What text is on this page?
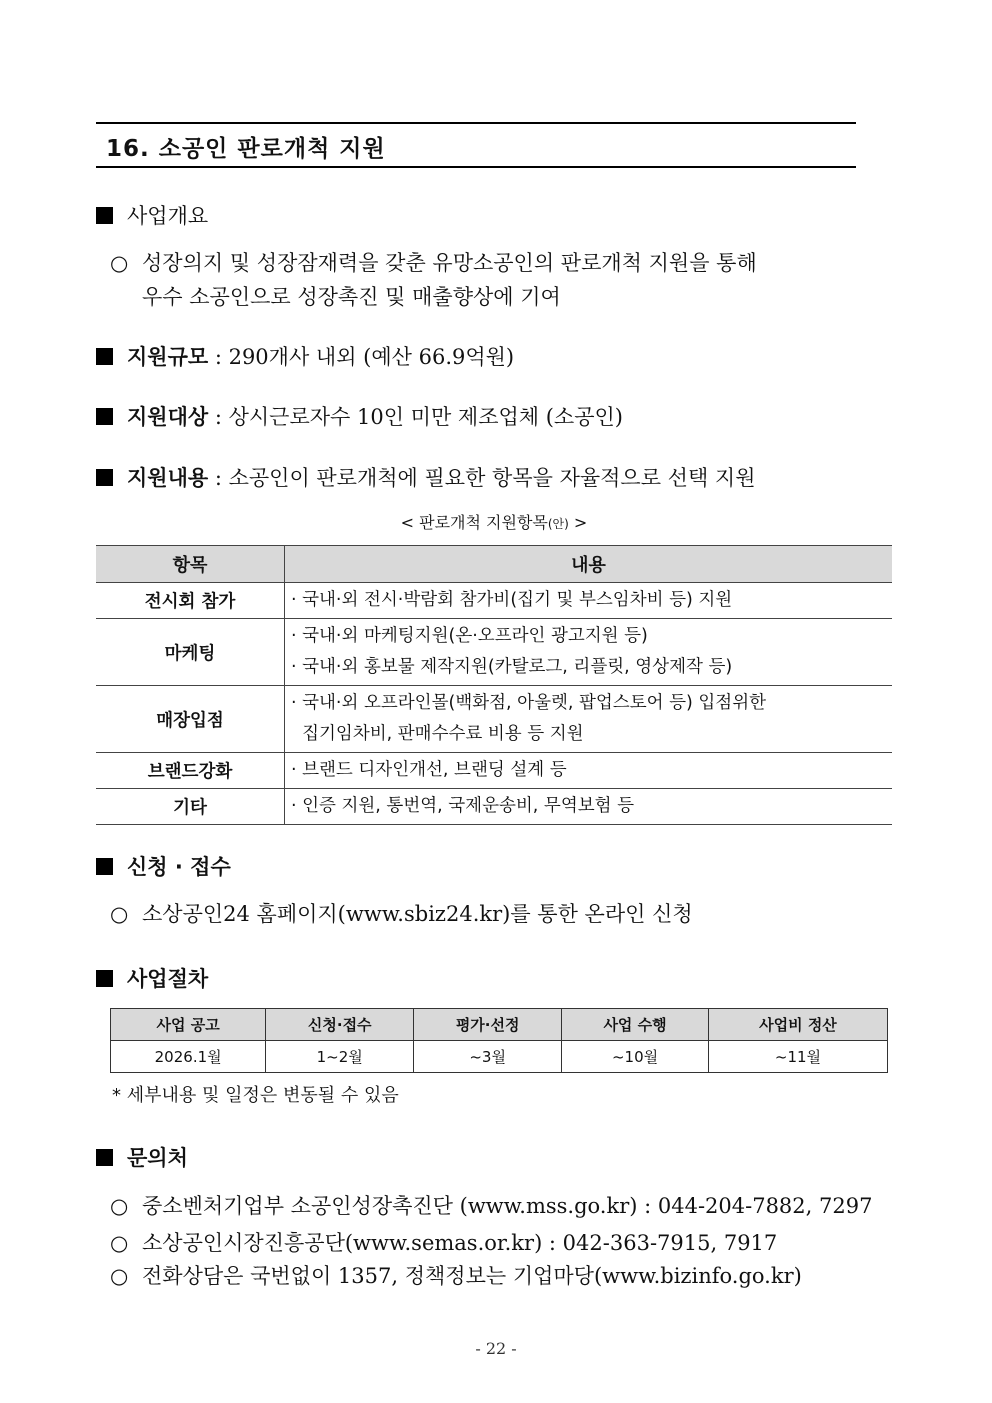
16. 소공인 판로개척 지원
사업개요
○ 성장의지 및 성장잠재력을 갖춘 유망소공인의 판로개척 지원을 통해
우수 소공인으로 성장촉진 및 매출향상에 기여
지원규모 : 290개사 내외 (예산 66.9억원)
지원대상 : 상시근로자수 10인 미만 제조업체 (소공인)
지원내용 : 소공인이 판로개척에 필요한 항목을 자율적으로 선택 지원
< 판로개척 지원항목(안) >
항목	내용
전시회 참가	· 국내·외 전시·박람회 참가비(집기 및 부스임차비 등) 지원

마케팅	· 국내·외 마케팅지원(온·오프라인 광고지원 등)
· 국내·외 홍보물 제작지원(카탈로그, 리플릿, 영상제작 등)

매장입점	· 국내·외 오프라인몰(백화점, 아울렛, 팝업스토어 등) 입점위한
집기임차비, 판매수수료 비용 등 지원

브랜드강화	· 브랜드 디자인개선, 브랜딩 설계 등

기타	· 인증 지원, 통번역, 국제운송비, 무역보험 등
신청 · 접수
○ 소상공인24 홈페이지(www.sbiz24.kr)를 통한 온라인 신청
사업절차
사업 공고	신청·접수	평가·선정	사업 수행	사업비 정산
2026.1월	1~2월	~3월	~10월	~11월
* 세부내용 및 일정은 변동될 수 있음
문의처
○ 중소벤처기업부 소공인성장촉진단 (www.mss.go.kr) : 044-204-7882, 7297
○ 소상공인시장진흥공단(www.semas.or.kr) : 042-363-7915, 7917
○ 전화상담은 국번없이 1357, 정책정보는 기업마당(www.bizinfo.go.kr)
- 22 -
